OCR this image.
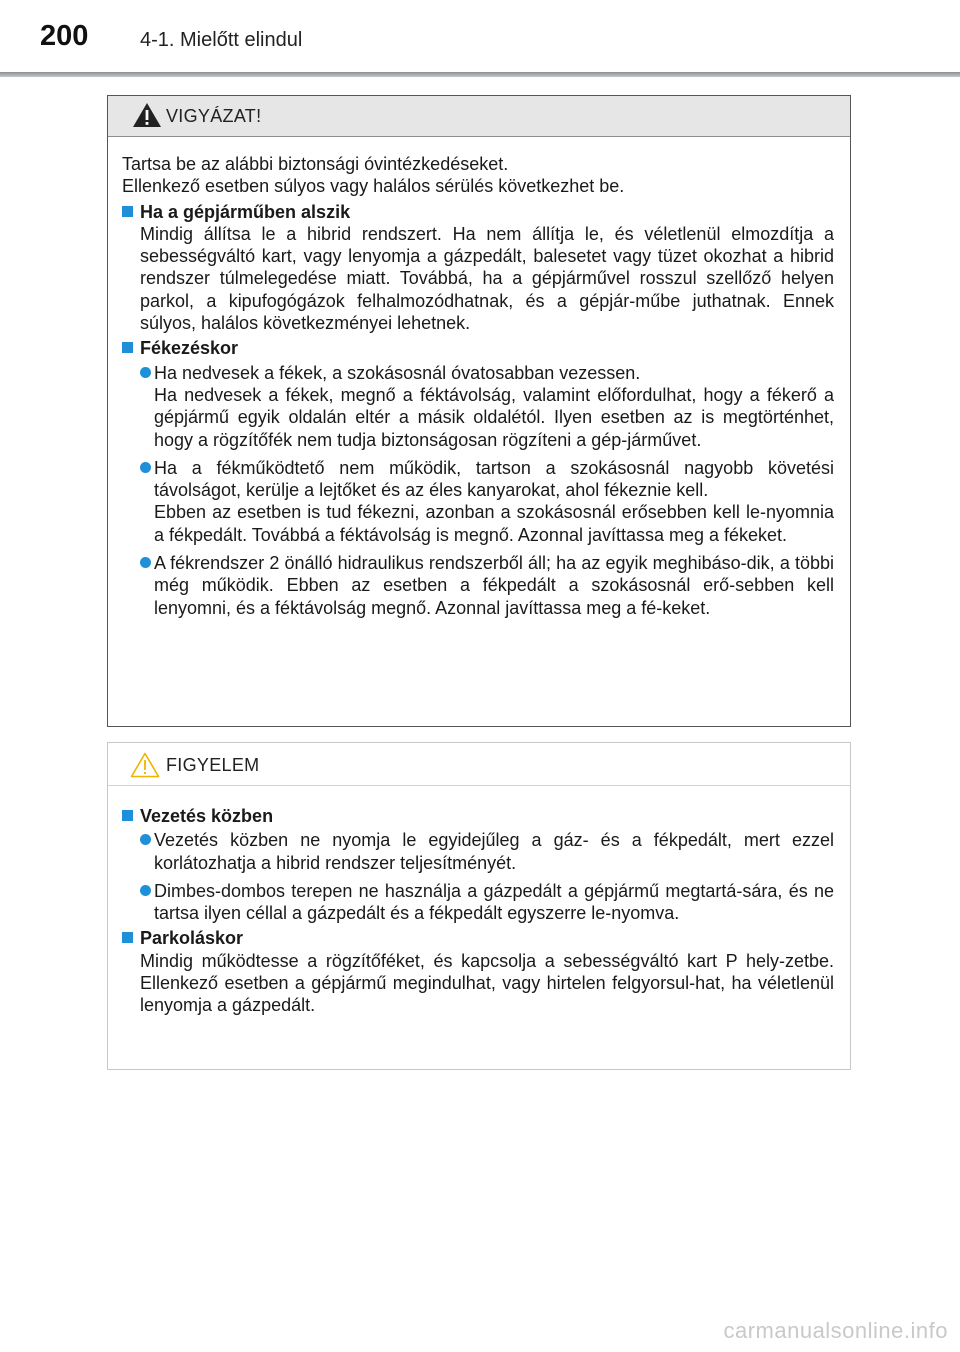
200	4-1. Mielőtt elindul
VIGYÁZAT!

Tartsa be az alábbi biztonsági óvintézkedéseket.

Ellenkező esetben súlyos vagy halálos sérülés következhet be.

Ha a gépjárműben alszik
Mindig állítsa le a hibrid rendszert. Ha nem állítja le, és véletlenül elmozdítja a sebességváltó kart, vagy lenyomja a gázpedált, balesetet vagy tüzet okozhat a hibrid rendszer túlmelegedése miatt. Továbbá, ha a gépjárművel rosszul szellőző helyen parkol, a kipufogógázok felhalmozódhatnak, és a gépjár-műbe juthatnak. Ennek súlyos, halálos következményei lehetnek.
Fékezéskor

Ha nedvesek a fékek, a szokásosnál óvatosabban vezessen.

Ha nedvesek a fékek, megnő a féktávolság, valamint előfordulhat, hogy a fékerő a gépjármű egyik oldalán eltér a másik oldalétól. Ilyen esetben az is megtörténhet, hogy a rögzítőfék nem tudja biztonságosan rögzíteni a gép-járművet.

Ha a fékműködtető nem működik, tartson a szokásosnál nagyobb követési távolságot, kerülje a lejtőket és az éles kanyarokat, ahol fékeznie kell.

Ebben az esetben is tud fékezni, azonban a szokásosnál erősebben kell le-nyomnia a fékpedált. Továbbá a féktávolság is megnő. Azonnal javíttassa meg a fékeket.

A fékrendszer 2 önálló hidraulikus rendszerből áll; ha az egyik meghibáso-dik, a többi még működik. Ebben az esetben a fékpedált a szokásosnál erő-sebben kell lenyomni, és a féktávolság megnő. Azonnal javíttassa meg a fé-keket.

FIGYELEM
Vezetés közben

Vezetés közben ne nyomja le egyidejűleg a gáz- és a fékpedált, mert ezzel korlátozhatja a hibrid rendszer teljesítményét.

Dimbes-dombos terepen ne használja a gázpedált a gépjármű megtartá-sára, és ne tartsa ilyen céllal a gázpedált és a fékpedált egyszerre le-nyomva.

Parkoláskor
Mindig működtesse a rögzítőféket, és kapcsolja a sebességváltó kart P hely-zetbe. Ellenkező esetben a gépjármű megindulhat, vagy hirtelen felgyorsul-hat, ha véletlenül lenyomja a gázpedált.
carmanualsonline.info
